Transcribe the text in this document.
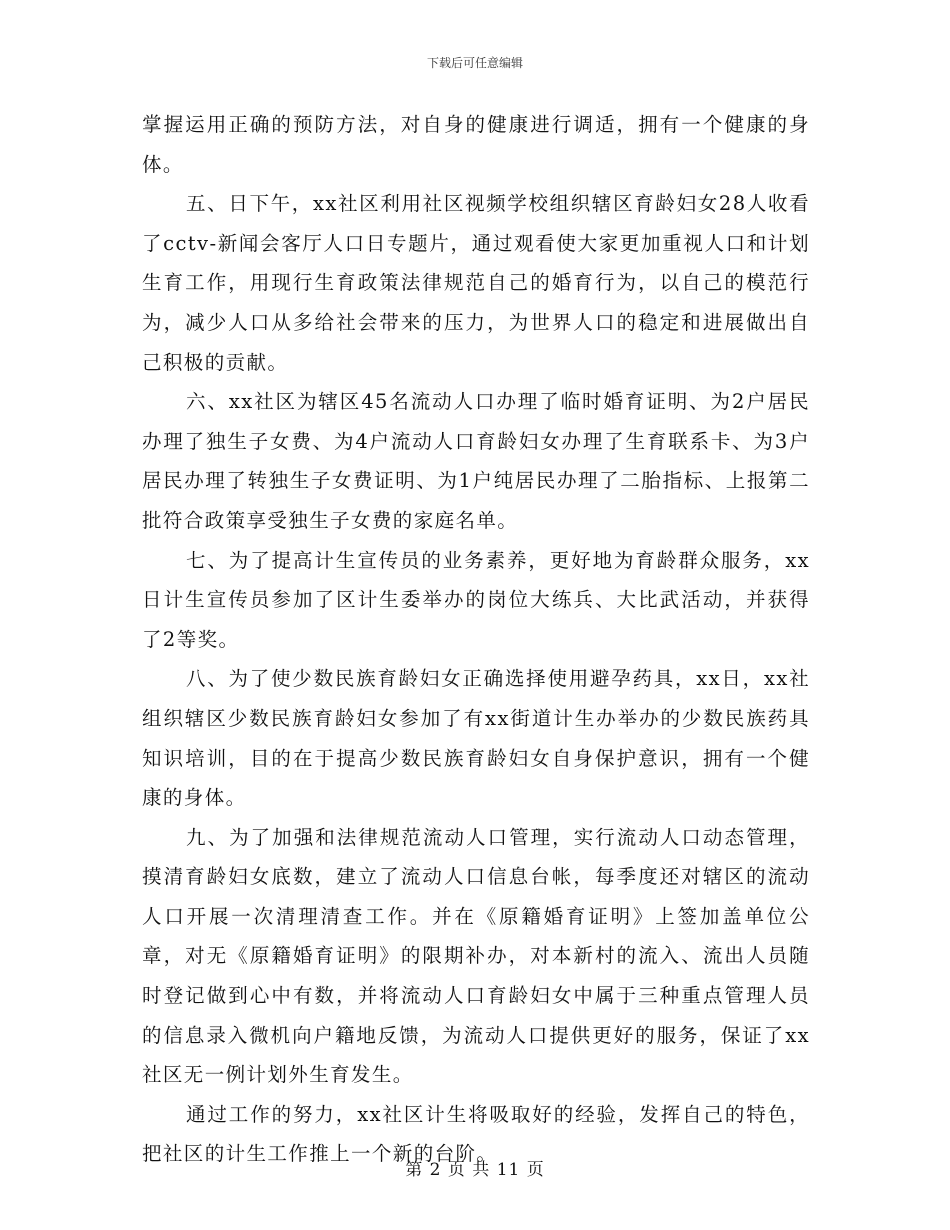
下载后可任意编辑

掌握运用正确的预防方法，对自身的健康进行调适，拥有一个健康的身体。

五、日下午，xx社区利用社区视频学校组织辖区育龄妇女28人收看了cctv-新闻会客厅人口日专题片，通过观看使大家更加重视人口和计划生育工作，用现行生育政策法律规范自己的婚育行为，以自己的模范行为，减少人口从多给社会带来的压力，为世界人口的稳定和进展做出自己积极的贡献。

六、xx社区为辖区45名流动人口办理了临时婚育证明、为2户居民办理了独生子女费、为4户流动人口育龄妇女办理了生育联系卡、为3户居民办理了转独生子女费证明、为1户纯居民办理了二胎指标、上报第二批符合政策享受独生子女费的家庭名单。

七、为了提高计生宣传员的业务素养，更好地为育龄群众服务，xx日计生宣传员参加了区计生委举办的岗位大练兵、大比武活动，并获得了2等奖。

八、为了使少数民族育龄妇女正确选择使用避孕药具，xx日，xx社组织辖区少数民族育龄妇女参加了有xx街道计生办举办的少数民族药具知识培训，目的在于提高少数民族育龄妇女自身保护意识，拥有一个健康的身体。

九、为了加强和法律规范流动人口管理，实行流动人口动态管理，摸清育龄妇女底数，建立了流动人口信息台帐，每季度还对辖区的流动人口开展一次清理清查工作。并在《原籍婚育证明》上签加盖单位公章，对无《原籍婚育证明》的限期补办，对本新村的流入、流出人员随时登记做到心中有数，并将流动人口育龄妇女中属于三种重点管理人员的信息录入微机向户籍地反馈，为流动人口提供更好的服务，保证了xx社区无一例计划外生育发生。

通过工作的努力，xx社区计生将吸取好的经验，发挥自己的特色，把社区的计生工作推上一个新的台阶。

第 2 页 共 11 页
